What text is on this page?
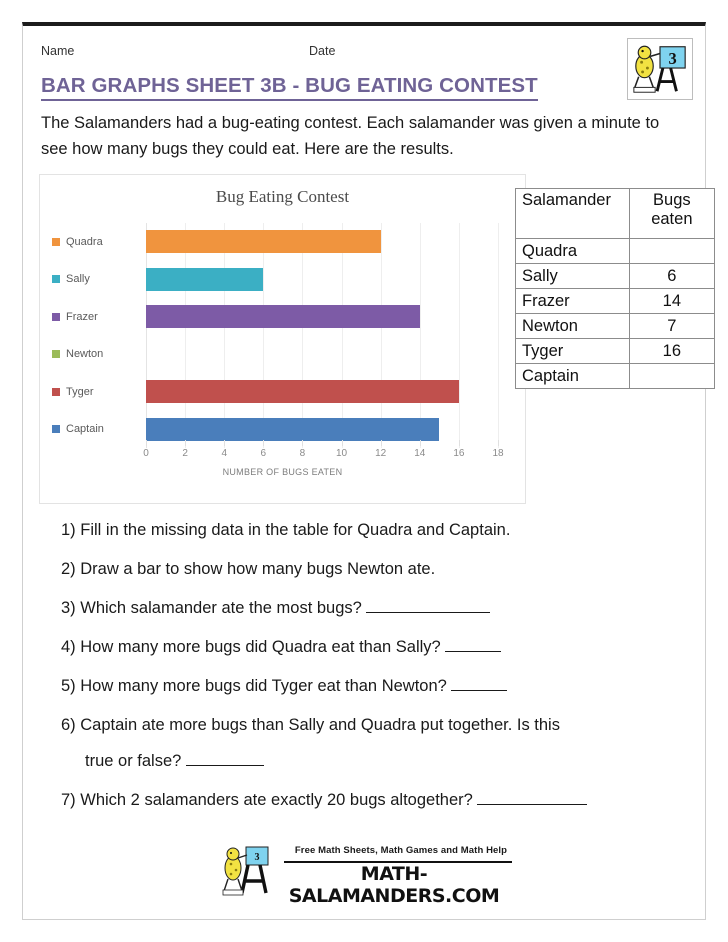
Name	Date	3
BAR GRAPHS SHEET 3B - BUG EATING CONTEST
The Salamanders had a bug-eating contest. Each salamander was given a minute to see how many bugs they could eat. Here are the results.
Bug Eating Contest
Quadra
Sally
Frazer
Newton
Tyger
Captain
0	2	4	6	8	10	12	14	16	18
NUMBER OF BUGS EATEN
Salamander	Bugs eaten
Quadra	
Sally	6
Frazer	14
Newton	7
Tyger	16
Captain	
1) Fill in the missing data in the table for Quadra and Captain.
2) Draw a bar to show how many bugs Newton ate.
3) Which salamander ate the most bugs?
4) How many more bugs did Quadra eat than Sally?
5) How many more bugs did Tyger eat than Newton?
6) Captain ate more bugs than Sally and Quadra put together. Is this
true or false?
7) Which 2 salamanders ate exactly 20 bugs altogether?
3
Free Math Sheets, Math Games and Math Help
MATH-SALAMANDERS.COM
